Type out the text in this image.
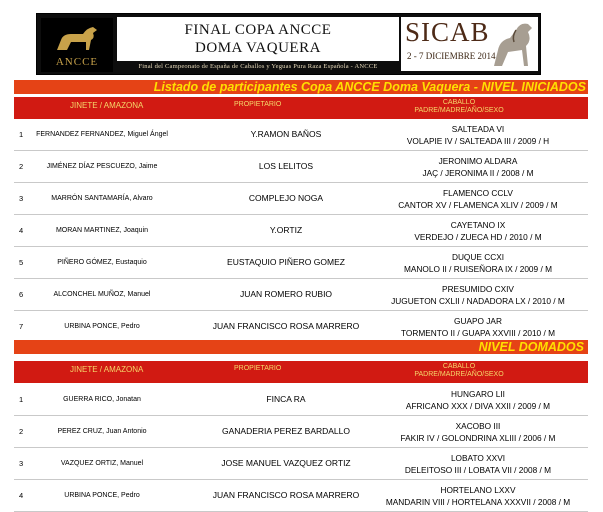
ANCCE
FINAL COPA ANCCE
DOMA VAQUERA
SICAB
2 - 7 DICIEMBRE 2014
Final del Campeonato de España de Caballos y Yeguas Pura Raza Española - ANCCE
Listado de participantes Copa ANCCE Doma Vaquera - NIVEL INICIADOS
JINETE / AMAZONA	PROPIETARIO	CABALLO
PADRE/MADRE/AÑO/SEXO
1	FERNANDEZ FERNANDEZ, Miguel Ángel	Y.RAMON BAÑOS	SALTEADA VI
VOLAPIE IV / SALTEADA III / 2009 / H
2	JIMÉNEZ DÍAZ PESCUEZO, Jaime	LOS LELITOS	JERONIMO ALDARA
JAÇ / JERONIMA II / 2008 / M
3	MARRÓN SANTAMARÍA, Alvaro	COMPLEJO NOGA	FLAMENCO CCLV
CANTOR XV / FLAMENCA XLIV / 2009 / M
4	MORAN MARTINEZ, Joaquin	Y.ORTIZ	CAYETANO IX
VERDEJO / ZUECA HD / 2010 / M
5	PIÑERO GÓMEZ, Eustaquio	EUSTAQUIO PIÑERO GOMEZ	DUQUE CCXI
MANOLO II / RUISEÑORA IX / 2009 / M
6	ALCONCHEL MUÑOZ, Manuel	JUAN ROMERO RUBIO	PRESUMIDO CXIV
JUGUETON CXLII / NADADORA LX / 2010 / M
7	URBINA PONCE, Pedro	JUAN FRANCISCO ROSA MARRERO	GUAPO JAR
TORMENTO II / GUAPA XXVIII / 2010 / M
NIVEL DOMADOS
JINETE / AMAZONA	PROPIETARIO	CABALLO
PADRE/MADRE/AÑO/SEXO
1	GUERRA RICO, Jonatan	FINCA RA	HUNGARO LII
AFRICANO XXX / DIVA XXII / 2009 / M
2	PEREZ CRUZ, Juan Antonio	GANADERIA PEREZ BARDALLO	XACOBO III
FAKIR IV / GOLONDRINA XLIII / 2006 / M
3	VAZQUEZ ORTIZ, Manuel	JOSE MANUEL VAZQUEZ ORTIZ	LOBATO XXVI
DELEITOSO III / LOBATA VII / 2008 / M
4	URBINA PONCE, Pedro	JUAN FRANCISCO ROSA MARRERO	HORTELANO LXXV
MANDARIN VIII / HORTELANA XXXVII / 2008 / M
